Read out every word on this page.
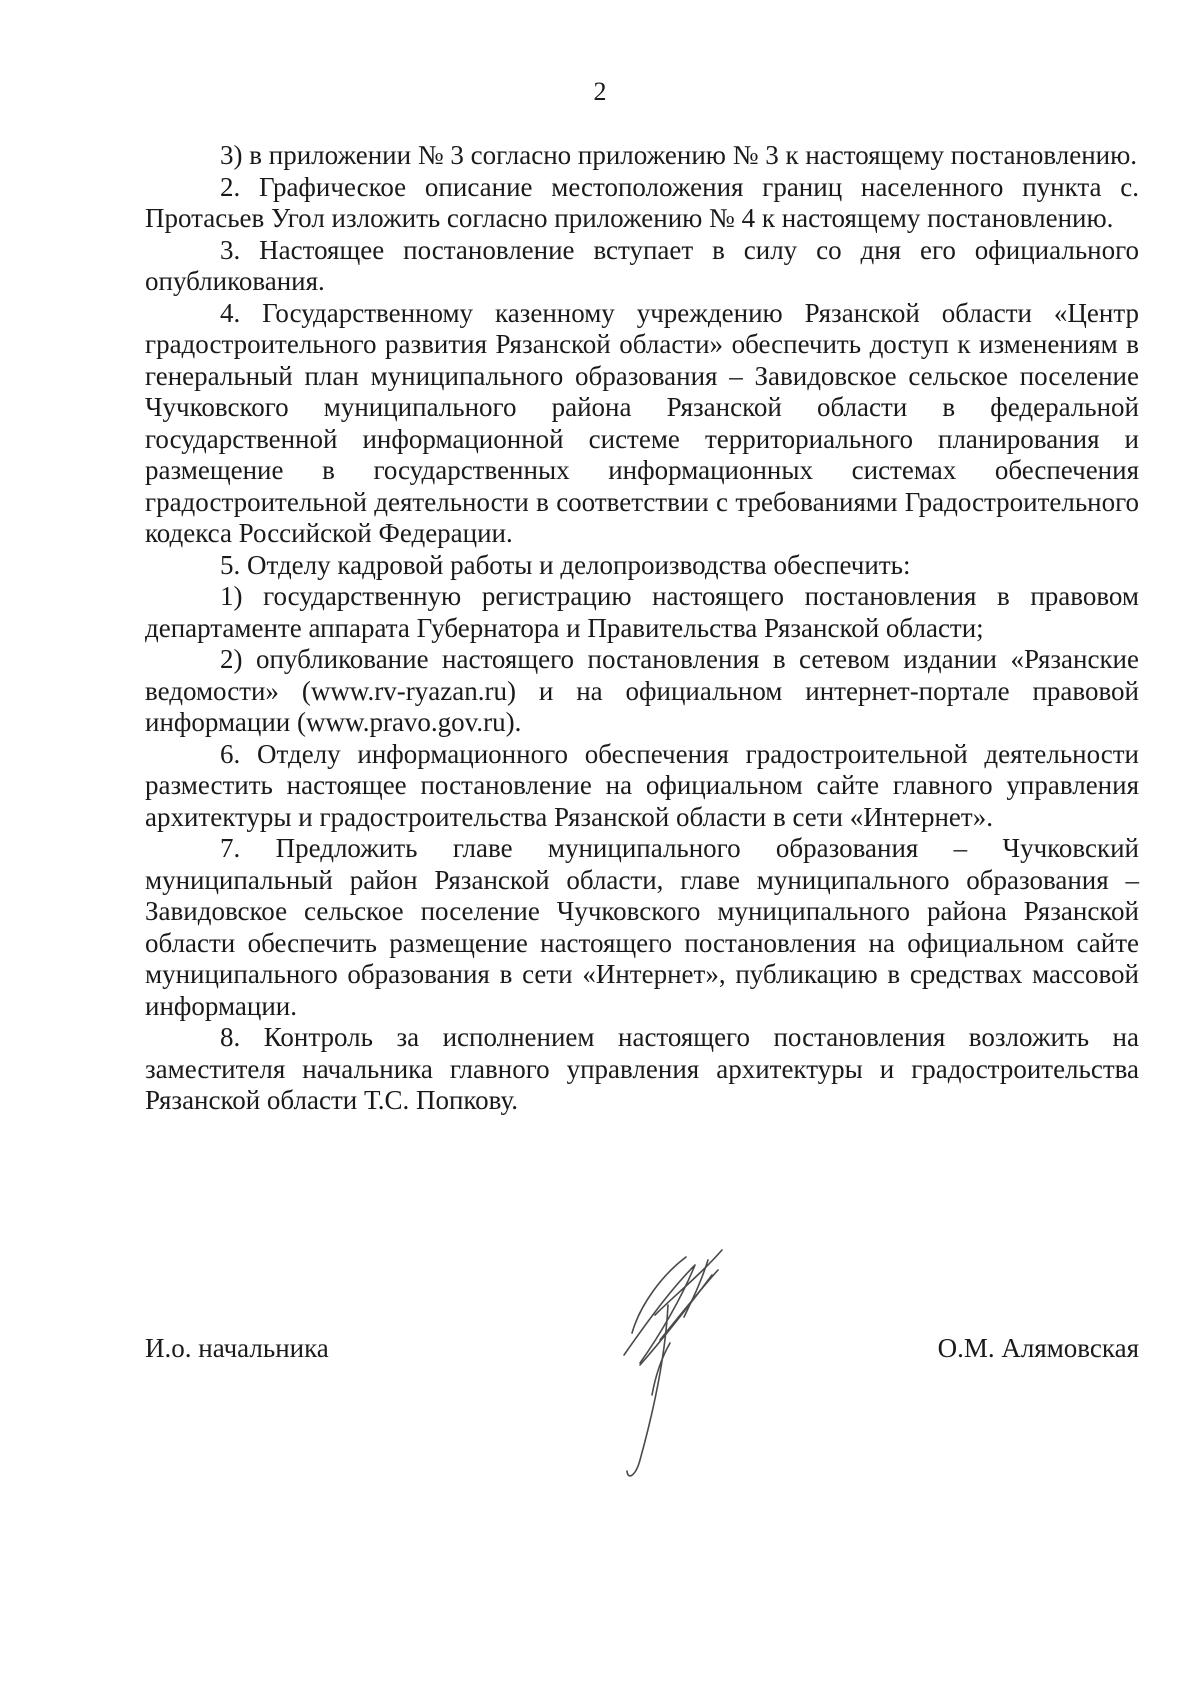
2

3) в приложении № 3 согласно приложению № 3 к настоящему постановлению.

2. Графическое описание местоположения границ населенного пункта с. Протасьев Угол изложить согласно приложению № 4 к настоящему постановлению.

3. Настоящее постановление вступает в силу со дня его официального опубликования.

4. Государственному казенному учреждению Рязанской области «Центр градостроительного развития Рязанской области» обеспечить доступ к изменениям в генеральный план муниципального образования – Завидовское сельское поселение Чучковского муниципального района Рязанской области в федеральной государственной информационной системе территориального планирования и размещение в государственных информационных системах обеспечения градостроительной деятельности в соответствии с требованиями Градостроительного кодекса Российской Федерации.

5. Отделу кадровой работы и делопроизводства обеспечить:

1) государственную регистрацию настоящего постановления в правовом департаменте аппарата Губернатора и Правительства Рязанской области;

2) опубликование настоящего постановления в сетевом издании «Рязанские ведомости» (www.rv-ryazan.ru) и на официальном интернет-портале правовой информации (www.pravo.gov.ru).

6. Отделу информационного обеспечения градостроительной деятельности разместить настоящее постановление на официальном сайте главного управления архитектуры и градостроительства Рязанской области в сети «Интернет».

7. Предложить главе муниципального образования – Чучковский муниципальный район Рязанской области, главе муниципального образования – Завидовское сельское поселение Чучковского муниципального района Рязанской области обеспечить размещение настоящего постановления на официальном сайте муниципального образования в сети «Интернет», публикацию в средствах массовой информации.

8. Контроль за исполнением настоящего постановления возложить на заместителя начальника главного управления архитектуры и градостроительства Рязанской области Т.С. Попкову.

И.о. начальника	О.М. Алямовская
